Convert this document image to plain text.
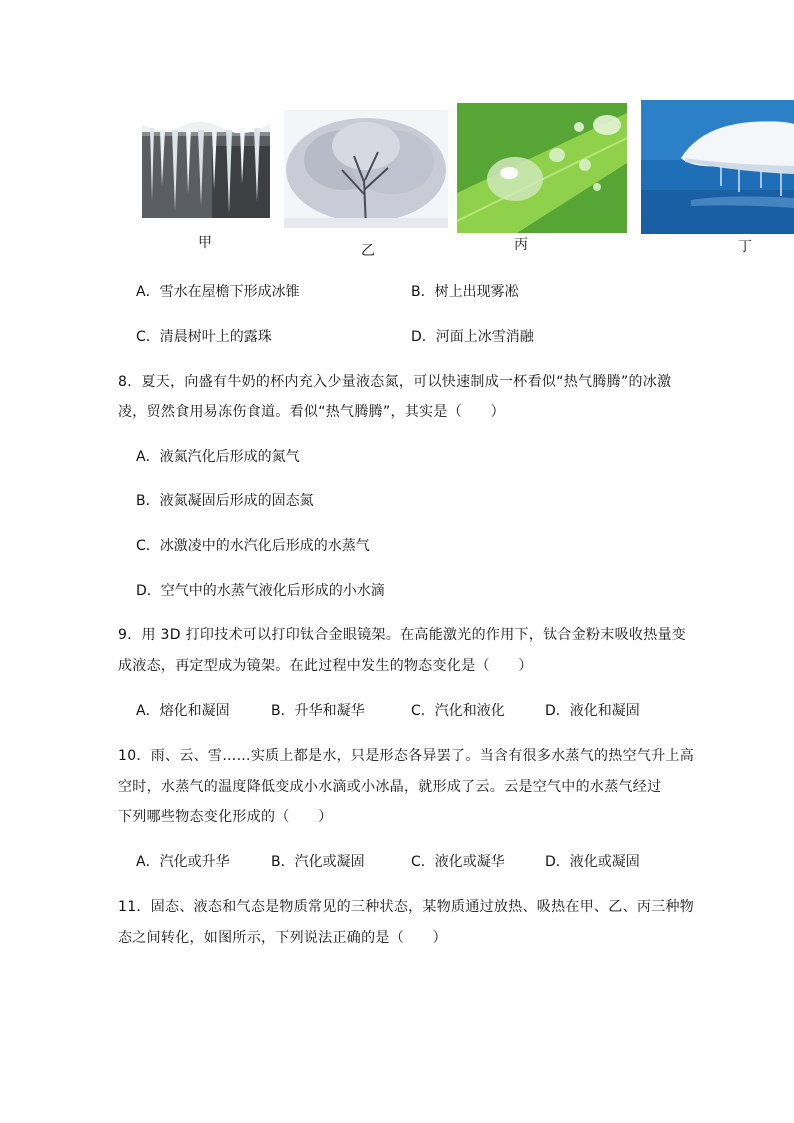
甲	乙	丙	丁
A．雪水在屋檐下形成冰锥	B．树上出现雾凇
C．清晨树叶上的露珠	D．河面上冰雪消融
8．夏天，向盛有牛奶的杯内充入少量液态氮，可以快速制成一杯看似“热气腾腾”的冰激
凌，贸然食用易冻伤食道。看似“热气腾腾”，其实是（　　）
A．液氮汽化后形成的氮气
B．液氮凝固后形成的固态氮
C．冰激凌中的水汽化后形成的水蒸气
D．空气中的水蒸气液化后形成的小水滴
9．用 3D 打印技术可以打印钛合金眼镜架。在高能激光的作用下，钛合金粉末吸收热量变
成液态，再定型成为镜架。在此过程中发生的物态变化是（　　）
A．熔化和凝固	B．升华和凝华	C．汽化和液化	D．液化和凝固
10．雨、云、雪……实质上都是水，只是形态各异罢了。当含有很多水蒸气的热空气升上高
空时，水蒸气的温度降低变成小水滴或小冰晶，就形成了云。云是空气中的水蒸气经过
下列哪些物态变化形成的（　　）
A．汽化或升华	B．汽化或凝固	C．液化或凝华	D．液化或凝固
11．固态、液态和气态是物质常见的三种状态，某物质通过放热、吸热在甲、乙、丙三种物
态之间转化，如图所示，下列说法正确的是（　　）
